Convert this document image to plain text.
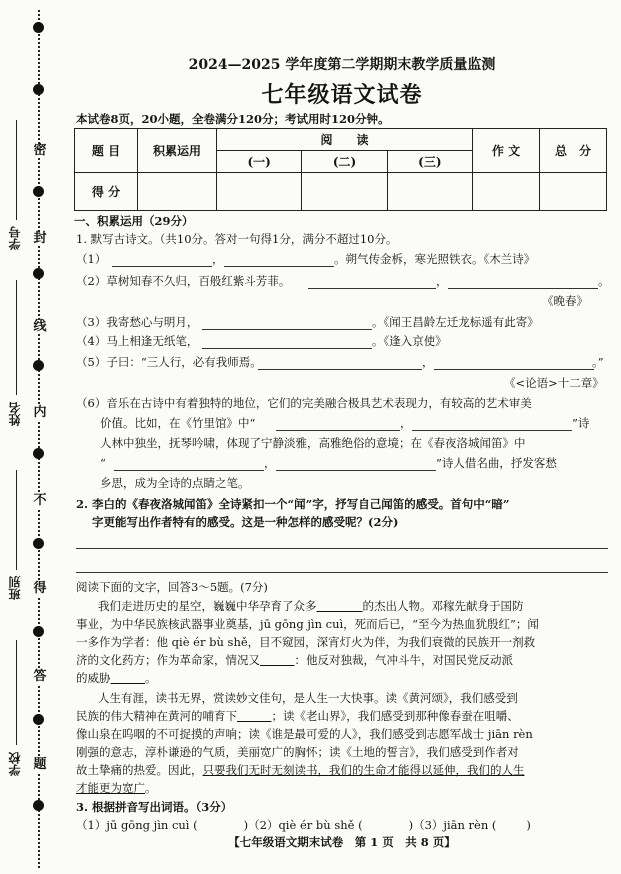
密
封
线
内
不
得
答
题
学号
姓名
班别
学校
2024—2025 学年度第二学期期末教学质量监测
七年级语文试卷
本试卷8页，20小题，全卷满分120分；考试用时120分钟。
题 目	积累运用	阅　　读			作 文	总　分
		(一)	(二)	(三)		
得 分						
一、积累运用（29分）
1. 默写古诗文。（共10分。答对一句得1分，满分不超过10分。
（1）	，	。朔气传金柝，寒光照铁衣。《木兰诗》
（2）草树知春不久归，百般红紫斗芳菲。	，	。
《晚春》
（3）我寄愁心与明月，	。《闻王昌龄左迁龙标遥有此寄》
（4）马上相逢无纸笔，	。《逢入京使》
（5）子曰：“三人行，必有我师焉。	，	。”
《<论语>十二章》
（6）音乐在古诗中有着独特的地位，它们的完美融合极具艺术表现力，有较高的艺术审美
价值。比如，在《竹里馆》中“	，	”诗
人林中独坐，抚琴吟啸，体现了宁静淡雅，高雅绝俗的意境；在《春夜洛城闻笛》中
“	，	”诗人借名曲，抒发客愁
乡思，成为全诗的点睛之笔。
2. 李白的《春夜洛城闻笛》全诗紧扣一个“闻”字，抒写自己闻笛的感受。首句中“暗”
字更能写出作者特有的感受。这是一种怎样的感受呢？(2分)
阅读下面的文字，回答3～5题。(7分)
我们走进历史的星空，巍巍中华孕育了众多　　　　	的杰出人物。邓稼先献身于国防
事业，为中华民族核武器事业奠基，jū gōng jìn cuì，死而后已，“至今为热血犹殷红”；闻
一多作为学者：他 qiè ér bù shě，目不窥园，深宵灯火为伴，为我们衰微的民族开一剂救
济的文化药方；作为革命家，情况又　　　	：他反对独裁，气冲斗牛，对国民党反动派
的威胁　　　	。
人生有涯，读书无界，赏读妙文佳句，是人生一大快事。读《黄河颂》，我们感受到
民族的伟大精神在黄河的哺育下　　　	；读《老山界》，我们感受到那种像春蚕在咀嚼、
像山泉在呜咽的不可捉摸的声响；读《谁是最可爱的人》，我们感受到志愿军战士 jiān rèn
刚强的意志，淳朴谦逊的气质，美丽宽广的胸怀；读《土地的誓言》，我们感受到作者对
故土挚痛的热爱。因此，只要我们无时无刻读书，我们的生命才能得以延伸，我们的人生
才能更为宽广。
3. 根据拼音写出词语。（3分）
（1）jū gōng jìn cuì (	)（2）qiè ér bù shě (	)（3）jiān rèn (	)
【七年级语文期末试卷　第 1 页　共 8 页】
